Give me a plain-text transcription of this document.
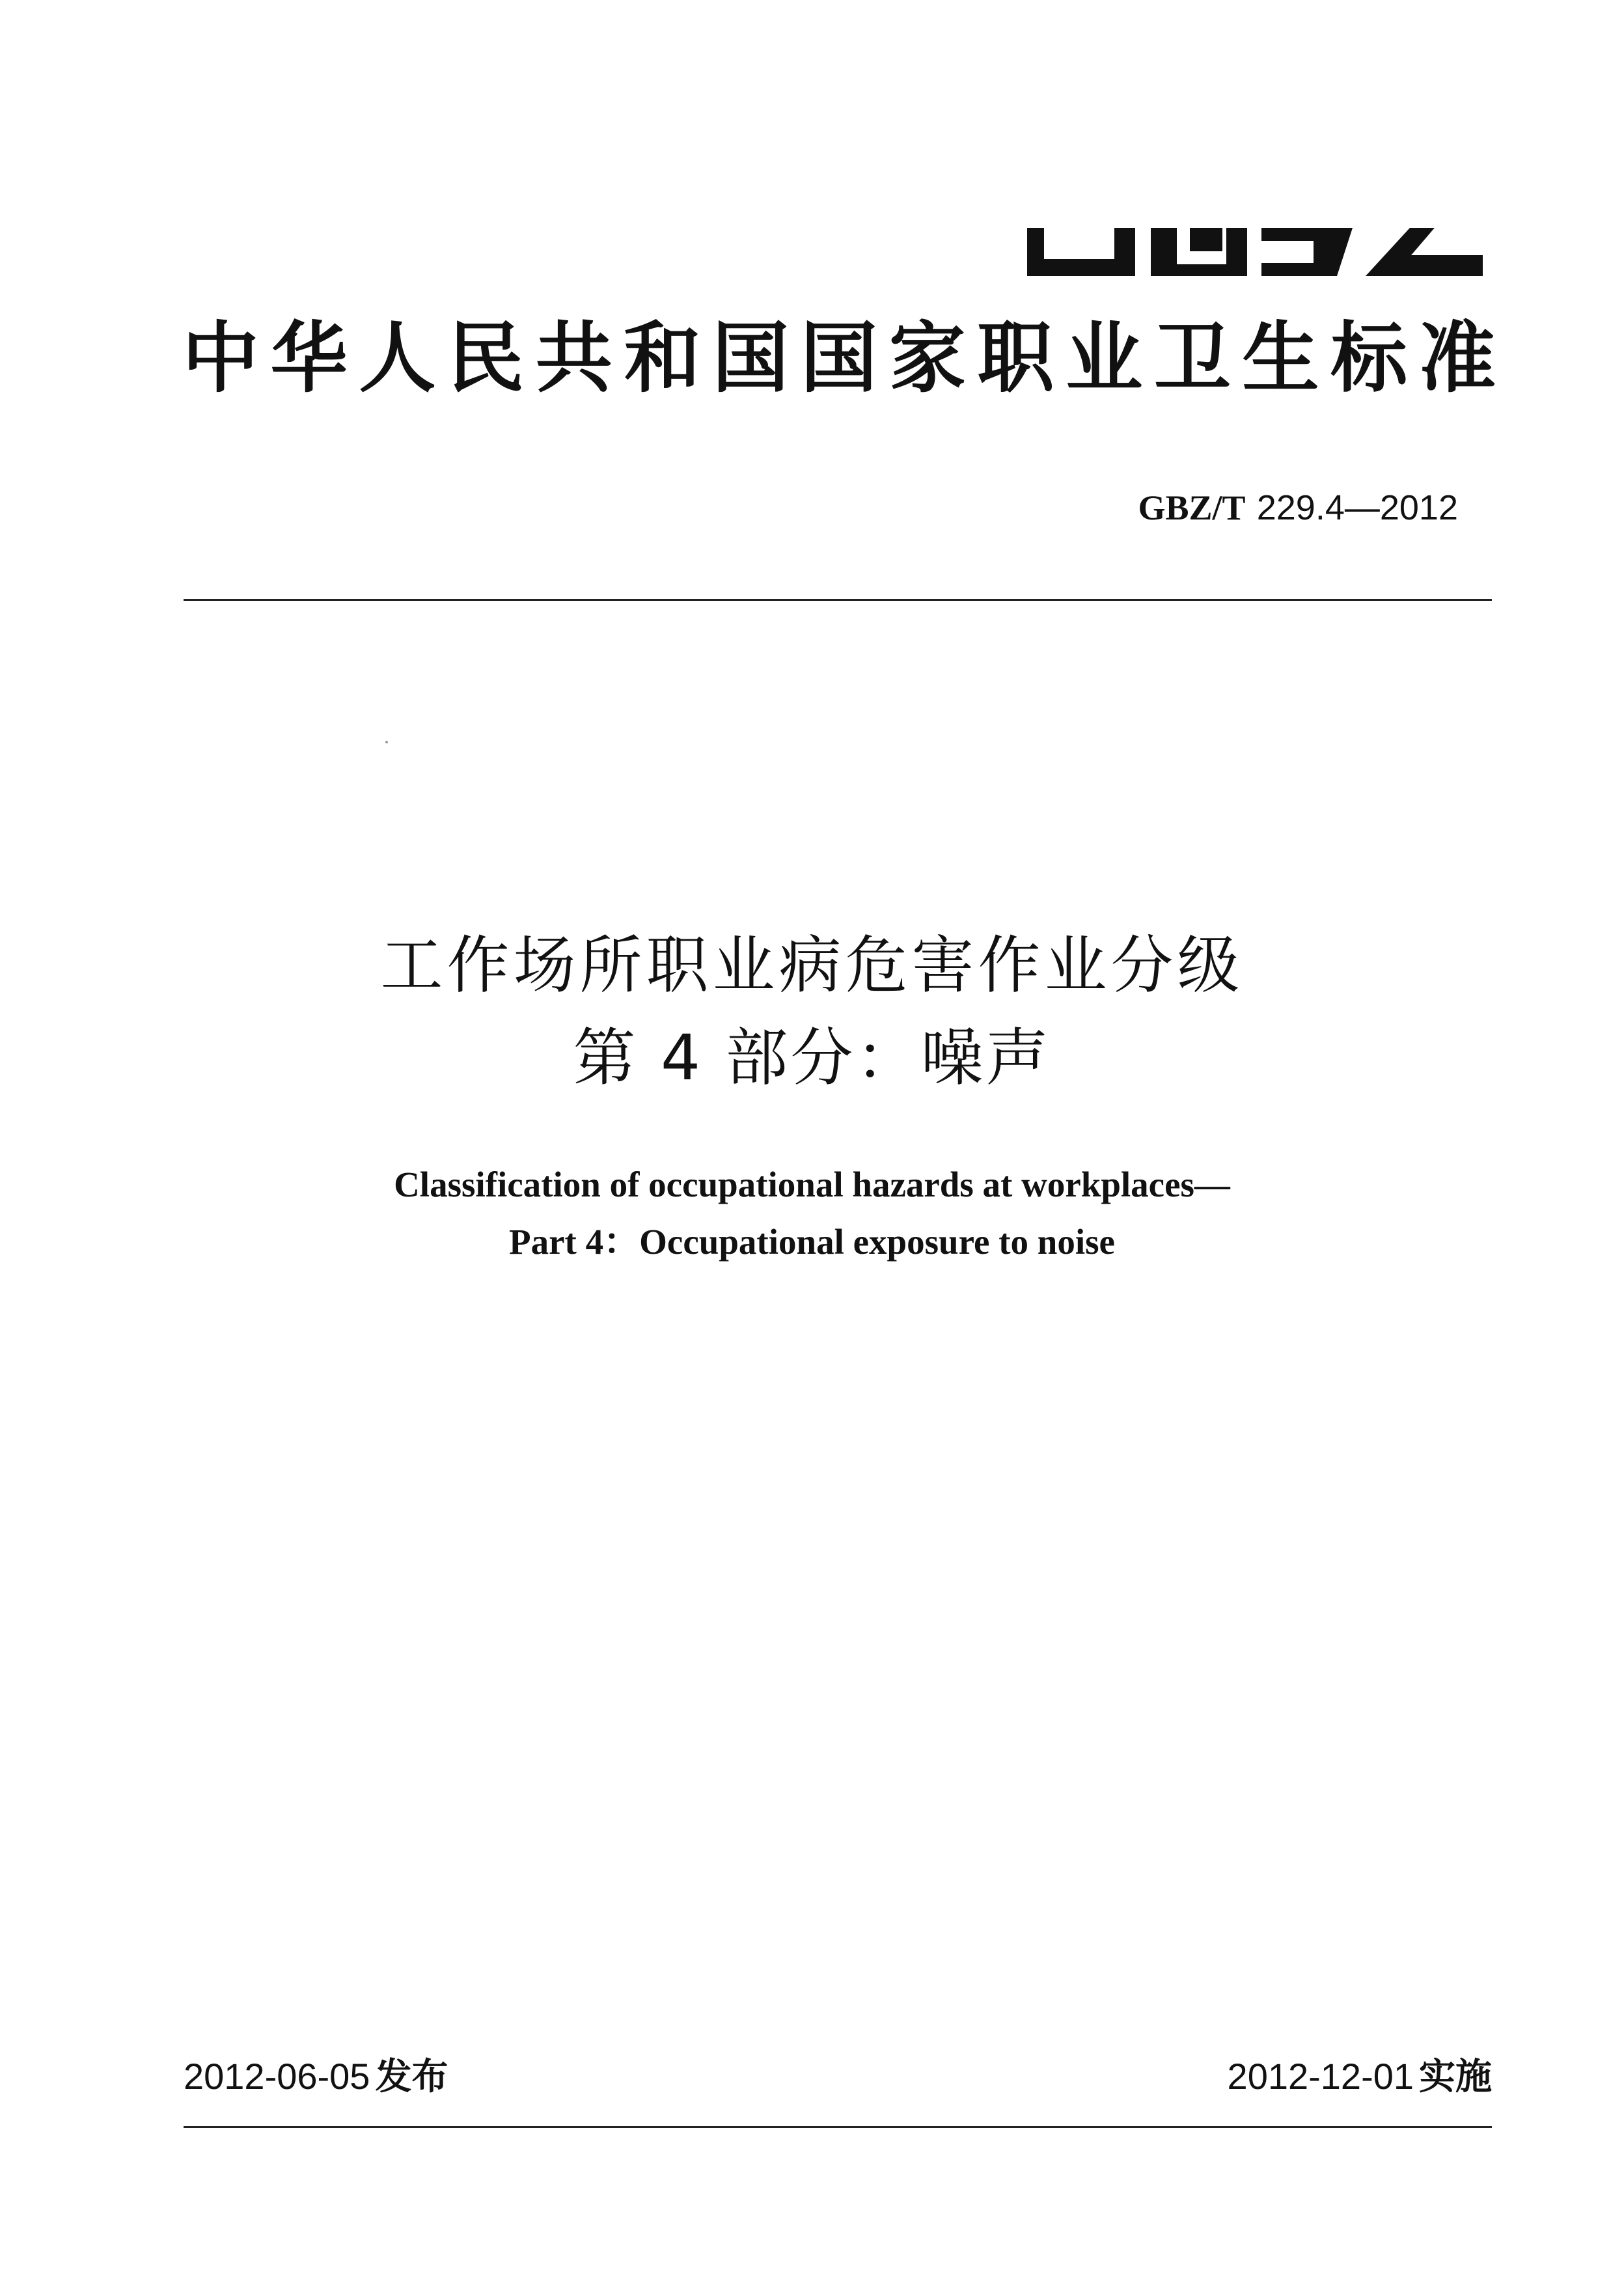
中华人民共和国国家职业卫生标准
GBZ/T 229.4—2012
工作场所职业病危害作业分级
第 4 部分：噪声
Classification of occupational hazards at workplaces—
Part 4：Occupational exposure to noise
2012-06-05 发布	2012-12-01 实施
